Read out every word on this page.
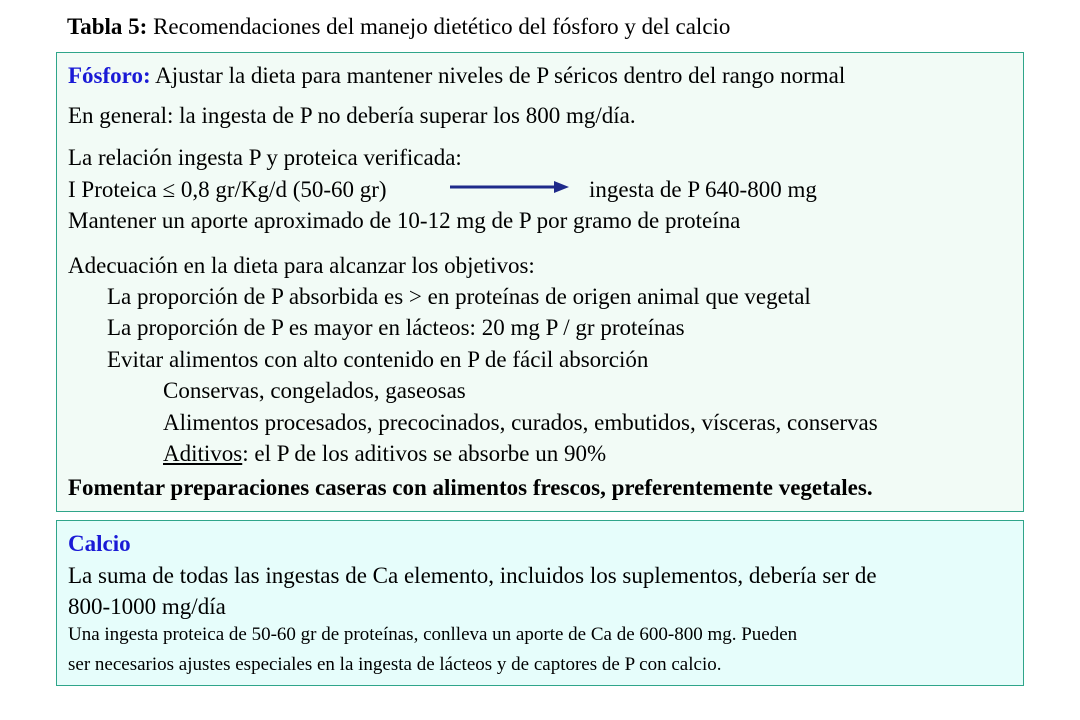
Tabla 5: Recomendaciones del manejo dietético del fósforo y del calcio
Fósforo: Ajustar la dieta para mantener niveles de P séricos dentro del rango normal
En general: la ingesta de P no debería superar los 800 mg/día.
La relación ingesta P y proteica verificada:
I Proteica ≤ 0,8 gr/Kg/d (50-60 gr)	ingesta de P 640-800 mg
Mantener un aporte aproximado de 10-12 mg de P por gramo de proteína
Adecuación en la dieta para alcanzar los objetivos:
La proporción de P absorbida es > en proteínas de origen animal que vegetal
La proporción de P es mayor en lácteos: 20 mg P / gr proteínas
Evitar alimentos con alto contenido en P de fácil absorción
Conservas, congelados, gaseosas
Alimentos procesados, precocinados, curados, embutidos, vísceras, conservas
Aditivos: el P de los aditivos se absorbe un 90%
Fomentar preparaciones caseras con alimentos frescos, preferentemente vegetales.
Calcio
La suma de todas las ingestas de Ca elemento, incluidos los suplementos, debería ser de
800-1000 mg/día
Una ingesta proteica de 50-60 gr de proteínas, conlleva un aporte de Ca de 600-800 mg. Pueden
ser necesarios ajustes especiales en la ingesta de lácteos y de captores de P con calcio.
